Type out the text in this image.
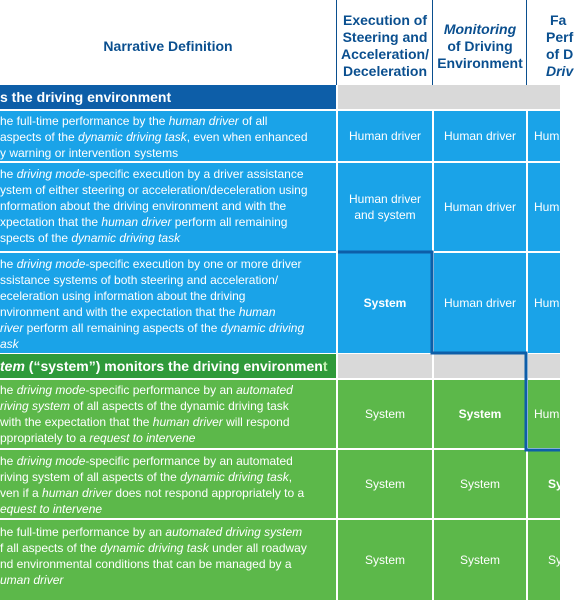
Narrative Definition
Execution of
Steering and
Acceleration/
Deceleration
Monitoring
of Driving
Environment
Fa
Perf
of D
Driv
s the driving environment
tem (“system”) monitors the driving environment

he full-time performance by the human driver of all

aspects of the dynamic driving task, even when enhanced

y warning or intervention systems

he driving mode-specific execution by a driver assistance

ystem of either steering or acceleration/deceleration using

nformation about the driving environment and with the

xpectation that the human driver perform all remaining

spects of the dynamic driving task

he driving mode-specific execution by one or more driver

ssistance systems of both steering and acceleration/

eceleration using information about the driving

nvironment and with the expectation that the human

river perform all remaining aspects of the dynamic driving

ask

he driving mode-specific performance by an automated

riving system of all aspects of the dynamic driving task

with the expectation that the human driver will respond

ppropriately to a request to intervene

he driving mode-specific performance by an automated

riving system of all aspects of the dynamic driving task,

ven if a human driver does not respond appropriately to a

equest to intervene

he full-time performance by an automated driving system

f all aspects of the dynamic driving task under all roadway

nd environmental conditions that can be managed by a

uman driver

Human driver
Human driver
and system
System
System
System
System
Human driver
Human driver
Human driver
System
System
System
Hum
Hum
Hum
Hum
Sy
Sy
